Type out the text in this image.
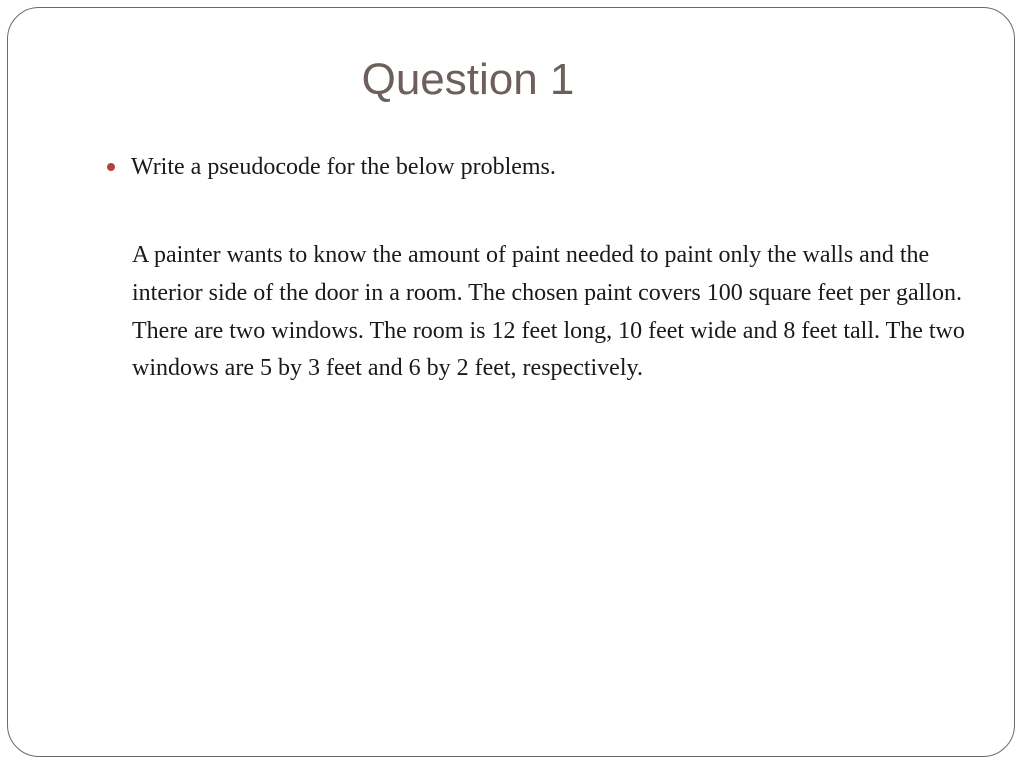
Question 1
Write a pseudocode for the below problems.

A painter wants to know the amount of paint needed to paint only the walls and the interior side of the door in a room. The chosen paint covers 100 square feet per gallon. There are two windows. The room is 12 feet long, 10 feet wide and 8 feet tall. The two windows are 5 by 3 feet and 6 by 2 feet, respectively.
